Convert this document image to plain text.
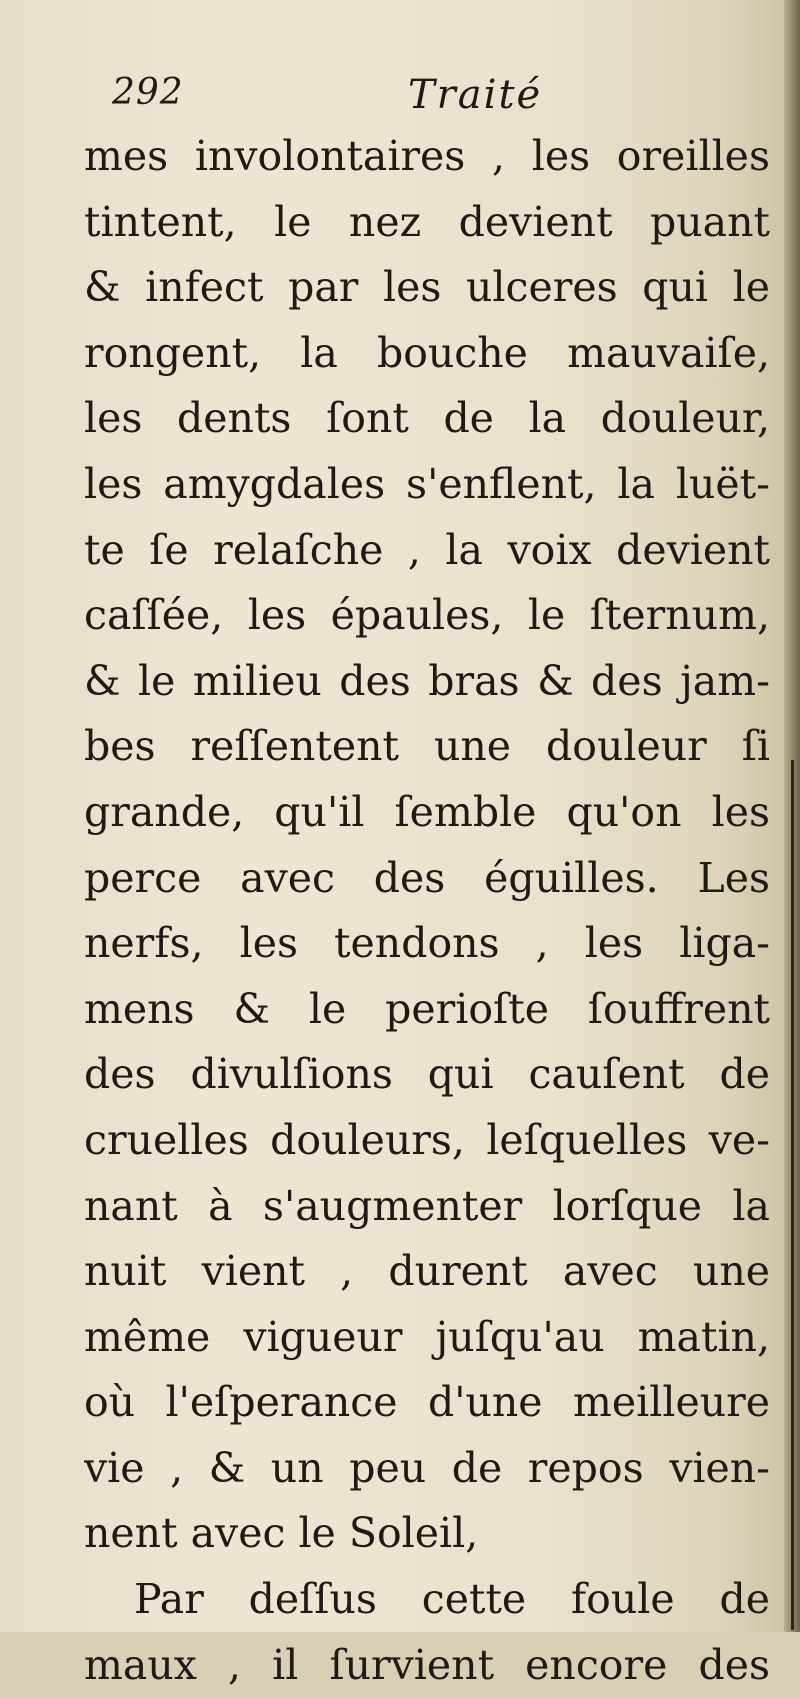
292	Traité
mes involontaires , les oreilles
tintent, le nez devient puant
& infect par les ulceres qui le
rongent, la bouche mauvaiſe,
les dents ſont de la douleur,
les amygdales s'enflent, la luët-
te ſe relaſche , la voix devient
caſſée, les épaules, le ſternum,
& le milieu des bras & des jam-
bes reſſentent une douleur ſi
grande, qu'il ſemble qu'on les
perce avec des éguilles. Les
nerfs, les tendons , les liga-
mens & le perioſte ſouffrent
des divulſions qui cauſent de
cruelles douleurs, leſquelles ve-
nant à s'augmenter lorſque la
nuit vient , durent avec une
même vigueur juſqu'au matin,
où l'eſperance d'une meilleure
vie , & un peu de repos vien-
nent avec le Soleil,
Par deſſus cette foule de
maux , il ſurvient encore des
